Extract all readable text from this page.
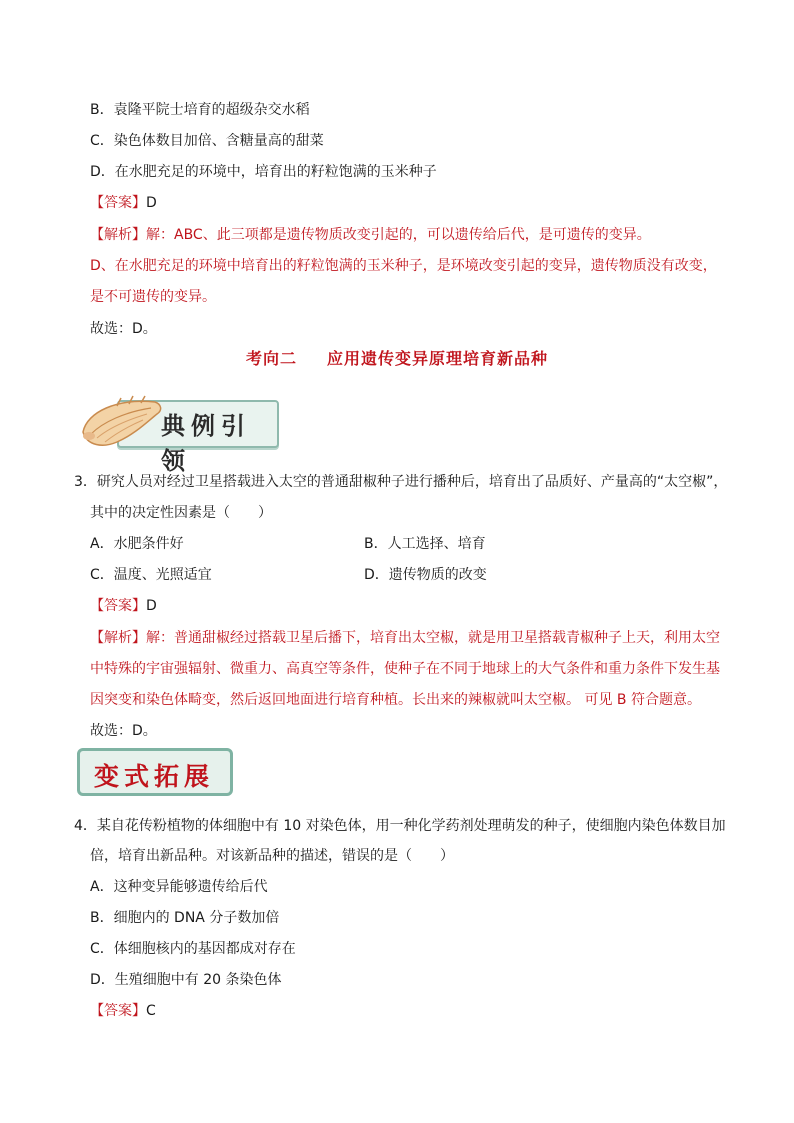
B．袁隆平院士培育的超级杂交水稻
C．染色体数目加倍、含糖量高的甜菜
D．在水肥充足的环境中，培育出的籽粒饱满的玉米种子
【答案】D
【解析】解：ABC、此三项都是遗传物质改变引起的，可以遗传给后代，是可遗传的变异。
D、在水肥充足的环境中培育出的籽粒饱满的玉米种子，是环境改变引起的变异，遗传物质没有改变，
是不可遗传的变异。
故选：D。
考向二 应用遗传变异原理培育新品种
典例引领
3．研究人员对经过卫星搭载进入太空的普通甜椒种子进行播种后，培育出了品质好、产量高的“太空椒”，
其中的决定性因素是（　　）
A．水肥条件好	B．人工选择、培育
C．温度、光照适宜	D．遗传物质的改变
【答案】D
【解析】解：普通甜椒经过搭载卫星后播下，培育出太空椒，就是用卫星搭载青椒种子上天，利用太空
中特殊的宇宙强辐射、微重力、高真空等条件，使种子在不同于地球上的大气条件和重力条件下发生基
因突变和染色体畸变，然后返回地面进行培育种植。长出来的辣椒就叫太空椒。 可见 B 符合题意。
故选：D。
变式拓展
4．某自花传粉植物的体细胞中有 10 对染色体，用一种化学药剂处理萌发的种子，使细胞内染色体数目加
倍，培育出新品种。对该新品种的描述，错误的是（　　）
A．这种变异能够遗传给后代
B．细胞内的 DNA 分子数加倍
C．体细胞核内的基因都成对存在
D．生殖细胞中有 20 条染色体
【答案】C
